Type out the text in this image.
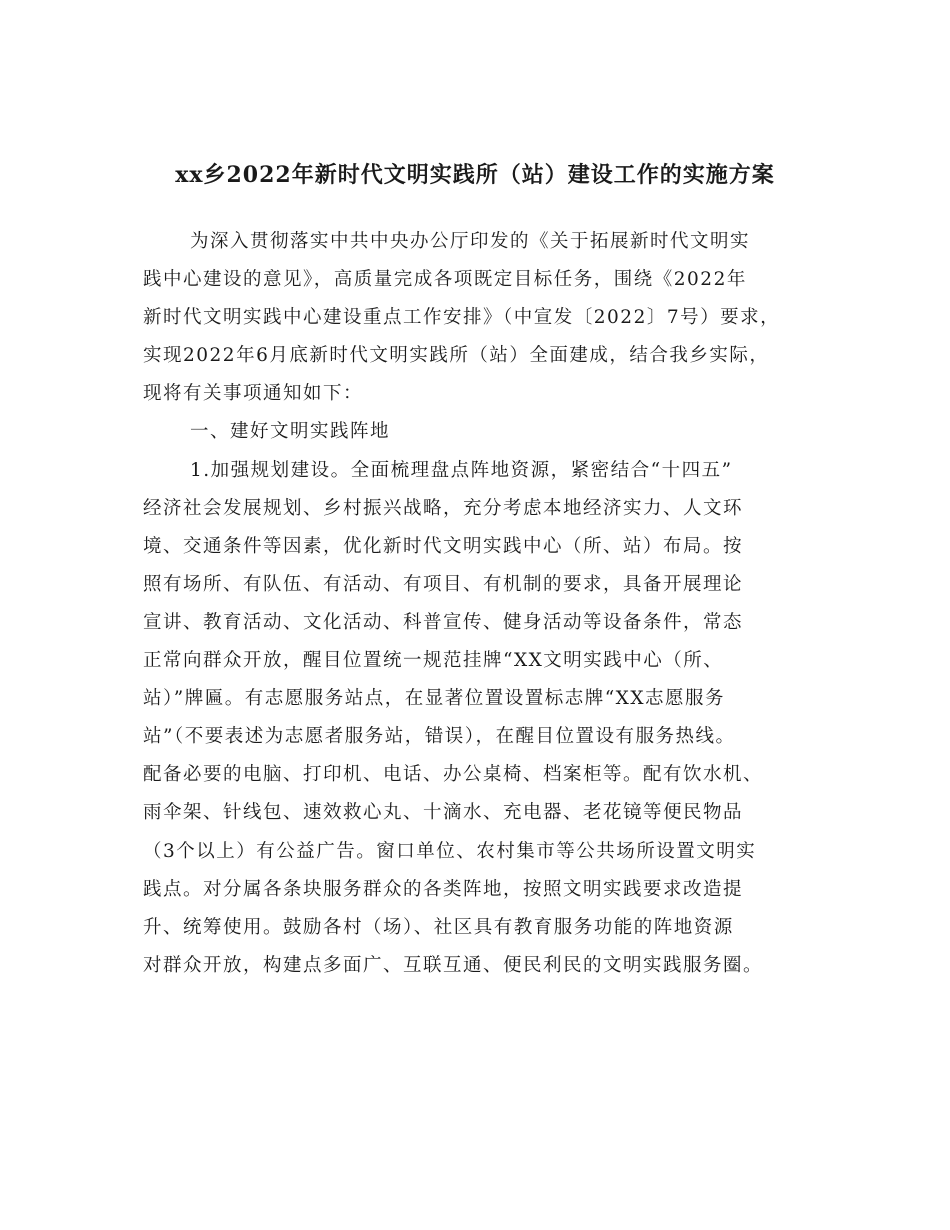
xx乡2022年新时代文明实践所（站）建设工作的实施方案
为深入贯彻落实中共中央办公厅印发的《关于拓展新时代文明实
践中心建设的意见》，高质量完成各项既定目标任务，围绕《2022年
新时代文明实践中心建设重点工作安排》（中宣发〔2022〕7号）要求，
实现2022年6月底新时代文明实践所（站）全面建成，结合我乡实际，
现将有关事项通知如下：
一、建好文明实践阵地
1.加强规划建设。全面梳理盘点阵地资源，紧密结合“十四五”
经济社会发展规划、乡村振兴战略，充分考虑本地经济实力、人文环
境、交通条件等因素，优化新时代文明实践中心（所、站）布局。按
照有场所、有队伍、有活动、有项目、有机制的要求，具备开展理论
宣讲、教育活动、文化活动、科普宣传、健身活动等设备条件，常态
正常向群众开放，醒目位置统一规范挂牌“XX文明实践中心（所、
站）”牌匾。有志愿服务站点，在显著位置设置标志牌“XX志愿服务
站”（不要表述为志愿者服务站，错误），在醒目位置设有服务热线。
配备必要的电脑、打印机、电话、办公桌椅、档案柜等。配有饮水机、
雨伞架、针线包、速效救心丸、十滴水、充电器、老花镜等便民物品
（3个以上）有公益广告。窗口单位、农村集市等公共场所设置文明实
践点。对分属各条块服务群众的各类阵地，按照文明实践要求改造提
升、统筹使用。鼓励各村（场）、社区具有教育服务功能的阵地资源
对群众开放，构建点多面广、互联互通、便民利民的文明实践服务圈。
